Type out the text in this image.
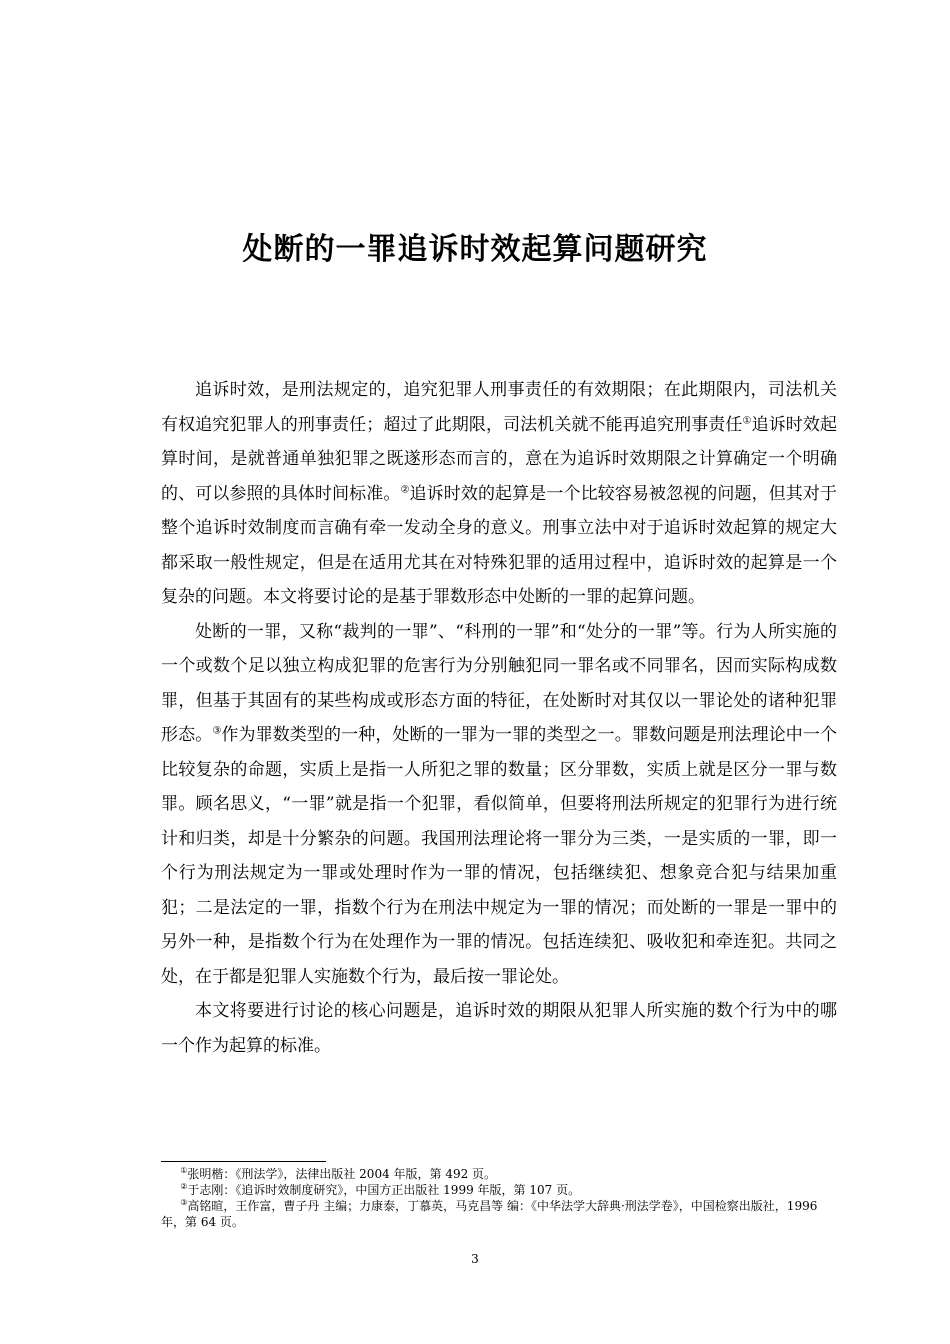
处断的一罪追诉时效起算问题研究

追诉时效，是刑法规定的，追究犯罪人刑事责任的有效期限；在此期限内，司法机关有权追究犯罪人的刑事责任；超过了此期限，司法机关就不能再追究刑事责任①追诉时效起算时间，是就普通单独犯罪之既遂形态而言的，意在为追诉时效期限之计算确定一个明确的、可以参照的具体时间标准。②追诉时效的起算是一个比较容易被忽视的问题，但其对于整个追诉时效制度而言确有牵一发动全身的意义。刑事立法中对于追诉时效起算的规定大都采取一般性规定，但是在适用尤其在对特殊犯罪的适用过程中，追诉时效的起算是一个复杂的问题。本文将要讨论的是基于罪数形态中处断的一罪的起算问题。

处断的一罪，又称“裁判的一罪”、“科刑的一罪”和“处分的一罪”等。行为人所实施的一个或数个足以独立构成犯罪的危害行为分别触犯同一罪名或不同罪名，因而实际构成数罪，但基于其固有的某些构成或形态方面的特征，在处断时对其仅以一罪论处的诸种犯罪形态。③作为罪数类型的一种，处断的一罪为一罪的类型之一。罪数问题是刑法理论中一个比较复杂的命题，实质上是指一人所犯之罪的数量；区分罪数，实质上就是区分一罪与数罪。顾名思义，“一罪”就是指一个犯罪，看似简单，但要将刑法所规定的犯罪行为进行统计和归类，却是十分繁杂的问题。我国刑法理论将一罪分为三类，一是实质的一罪，即一个行为刑法规定为一罪或处理时作为一罪的情况，包括继续犯、想象竞合犯与结果加重犯；二是法定的一罪，指数个行为在刑法中规定为一罪的情况；而处断的一罪是一罪中的另外一种，是指数个行为在处理作为一罪的情况。包括连续犯、吸收犯和牵连犯。共同之处，在于都是犯罪人实施数个行为，最后按一罪论处。

本文将要进行讨论的核心问题是，追诉时效的期限从犯罪人所实施的数个行为中的哪一个作为起算的标准。

①张明楷：《刑法学》，法律出版社 2004 年版，第 492 页。

②于志刚：《追诉时效制度研究》，中国方正出版社 1999 年版，第 107 页。

③高铭暄，王作富，曹子丹 主编；力康泰，丁慕英，马克昌等 编：《中华法学大辞典·刑法学卷》，中国检察出版社，1996 年，第 64 页。

3
